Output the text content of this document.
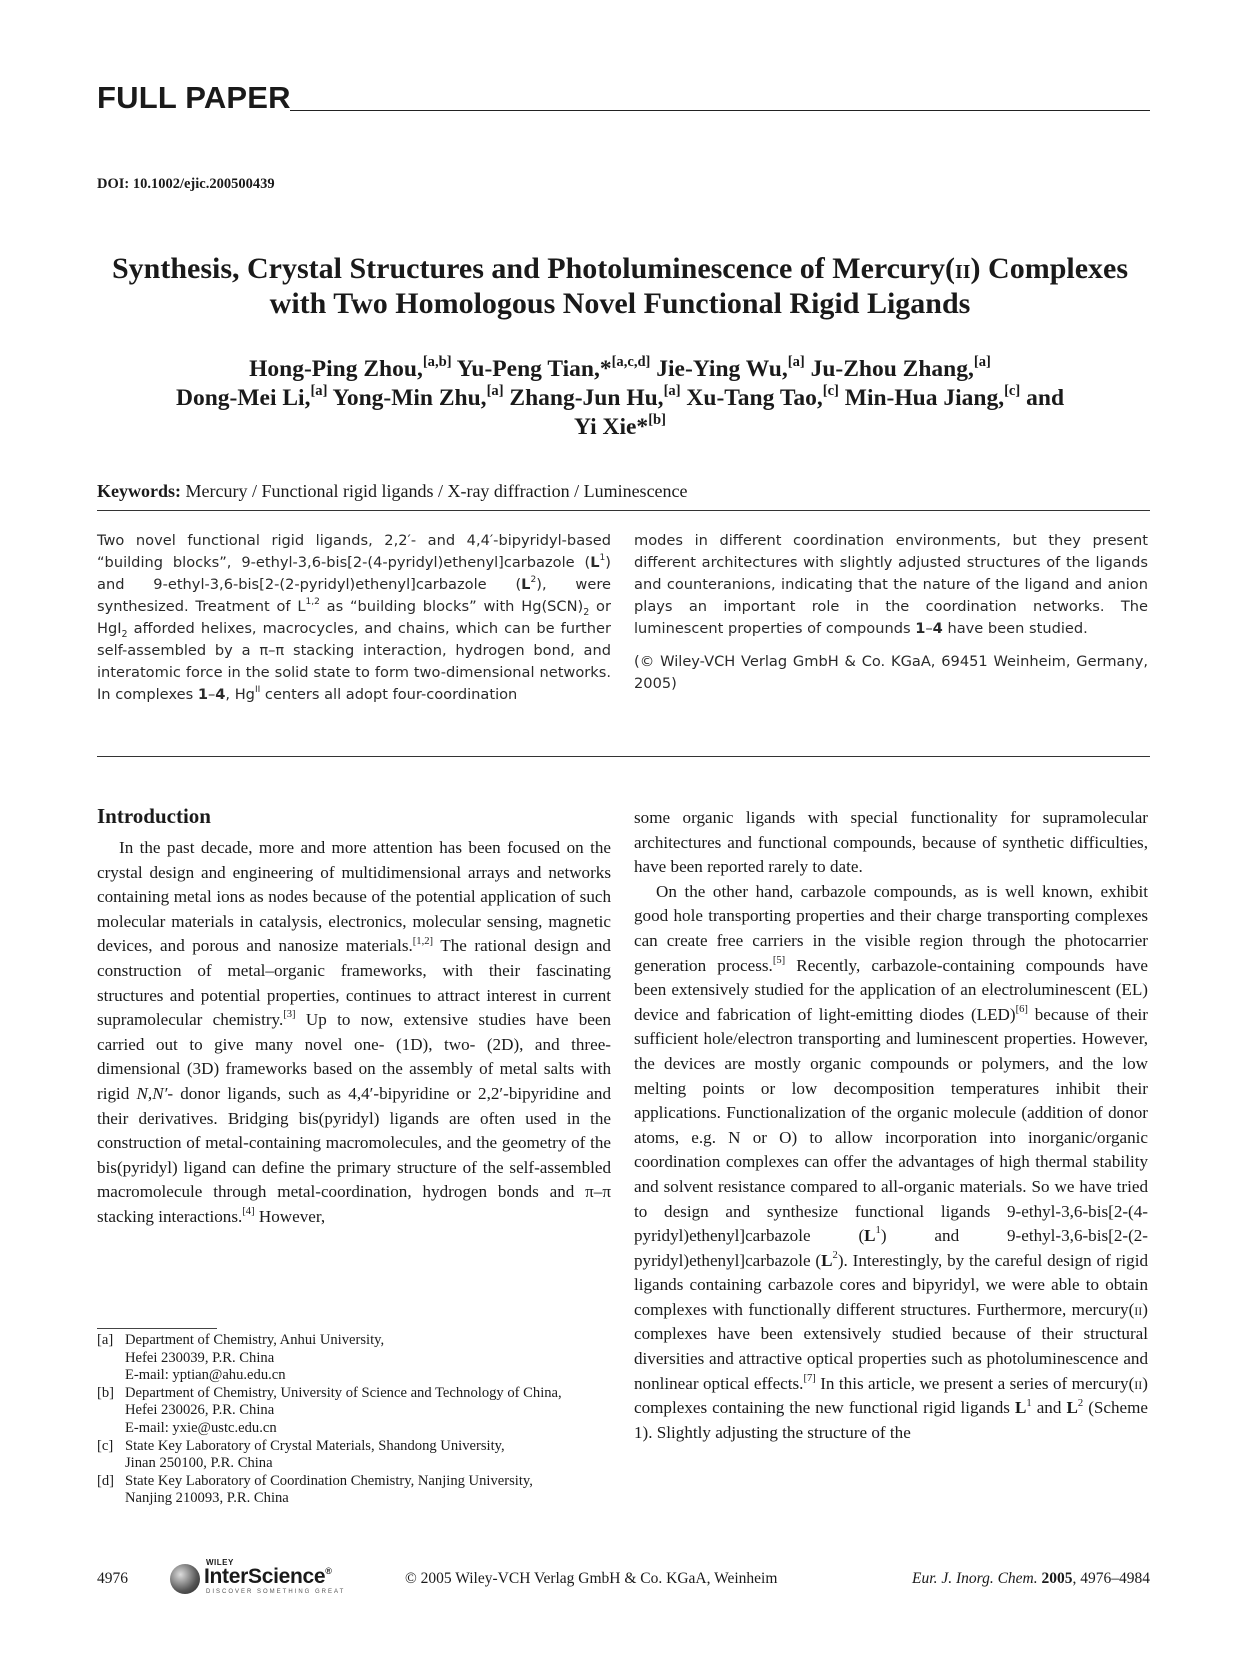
FULL PAPER
DOI: 10.1002/ejic.200500439
Synthesis, Crystal Structures and Photoluminescence of Mercury(ii) Complexes
with Two Homologous Novel Functional Rigid Ligands
Hong-Ping Zhou,[a,b] Yu-Peng Tian,*[a,c,d] Jie-Ying Wu,[a] Ju-Zhou Zhang,[a]
Dong-Mei Li,[a] Yong-Min Zhu,[a] Zhang-Jun Hu,[a] Xu-Tang Tao,[c] Min-Hua Jiang,[c] and
Yi Xie*[b]
Keywords: Mercury / Functional rigid ligands / X-ray diffraction / Luminescence

Two novel functional rigid ligands, 2,2′- and 4,4′-bipyridyl-based “building blocks”, 9-ethyl-3,6-bis[2-(4-pyridyl)ethenyl]carbazole $(L^1)$ and 9-ethyl-3,6-bis[2-(2-pyridyl)ethenyl]carbazole $(L^2)$, were synthesized. Treatment of L$^{1,2}$ as “building blocks” with $Hg(SCN)_2$ or HgI$_2$ afforded helixes, macrocycles, and chains, which can be further self-assembled by a π–π stacking interaction, hydrogen bond, and interatomic force in the solid state to form two-dimensional networks. In complexes 1–4, $Hg^{II}$ centers all adopt four-coordination

modes in different coordination environments, but they present different architectures with slightly adjusted structures of the ligands and counteranions, indicating that the nature of the ligand and anion plays an important role in the coordination networks. The luminescent properties of compounds 1–4 have been studied.

(© Wiley-VCH Verlag GmbH & Co. KGaA, 69451 Weinheim, Germany, 2005)

Introduction

In the past decade, more and more attention has been focused on the crystal design and engineering of multidimensional arrays and networks containing metal ions as nodes because of the potential application of such molecular materials in catalysis, electronics, molecular sensing, magnetic devices, and porous and nanosize materials.[1,2] The rational design and construction of metal–organic frameworks, with their fascinating structures and potential properties, continues to attract interest in current supramolecular chemistry.[3] Up to now, extensive studies have been carried out to give many novel one- (1D), two- (2D), and three-dimensional (3D) frameworks based on the assembly of metal salts with rigid N,N′- donor ligands, such as 4,4′-bipyridine or 2,2′-bipyridine and their derivatives. Bridging bis(pyridyl) ligands are often used in the construction of metal-containing macromolecules, and the geometry of the bis(pyridyl) ligand can define the primary structure of the self-assembled macromolecule through metal-coordination, hydrogen bonds and π–π stacking interactions.[4] However,

some organic ligands with special functionality for supramolecular architectures and functional compounds, because of synthetic difficulties, have been reported rarely to date.

On the other hand, carbazole compounds, as is well known, exhibit good hole transporting properties and their charge transporting complexes can create free carriers in the visible region through the photocarrier generation process.[5] Recently, carbazole-containing compounds have been extensively studied for the application of an electroluminescent (EL) device and fabrication of light-emitting diodes (LED)[6] because of their sufficient hole/electron transporting and luminescent properties. However, the devices are mostly organic compounds or polymers, and the low melting points or low decomposition temperatures inhibit their applications. Functionalization of the organic molecule (addition of donor atoms, e.g. N or O) to allow incorporation into inorganic/organic coordination complexes can offer the advantages of high thermal stability and solvent resistance compared to all-organic materials. So we have tried to design and synthesize functional ligands 9-ethyl-3,6-bis[2-(4-pyridyl)ethenyl]carbazole $(L^1)$ and 9-ethyl-3,6-bis[2-(2-pyridyl)ethenyl]carbazole $(L^2)$. Interestingly, by the careful design of rigid ligands containing carbazole cores and bipyridyl, we were able to obtain complexes with functionally different structures. Furthermore, mercury(ii) complexes have been extensively studied because of their structural diversities and attractive optical properties such as photoluminescence and nonlinear optical effects.[7] In this article, we present a series of mercury(ii) complexes containing the new functional rigid ligands $L^1$ and $L^2$ (Scheme 1). Slightly adjusting the structure of the

[a] Department of Chemistry, Anhui University,
Hefei 230039, P.R. China
E-mail: yptian@ahu.edu.cn
[b] Department of Chemistry, University of Science and Technology of China,
Hefei 230026, P.R. China
E-mail: yxie@ustc.edu.cn
[c] State Key Laboratory of Crystal Materials, Shandong University,
Jinan 250100, P.R. China
[d] State Key Laboratory of Coordination Chemistry, Nanjing University,
Nanjing 210093, P.R. China
4976
WILEY
InterScience®
DISCOVER SOMETHING GREAT
© 2005 Wiley-VCH Verlag GmbH & Co. KGaA, Weinheim	Eur. J. Inorg. Chem. 2005, 4976–4984
